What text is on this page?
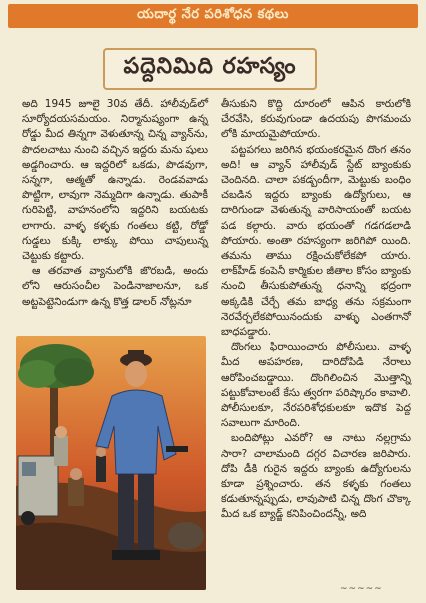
యదార్థ నేర పరిశోధన కథలు
పద్దెనిమిది రహస్యం

అది 1945 జూలై 30వ తేదీ. హాలీవుడ్‌లో సూర్యోదయసమయం. నిర్మానుష్యంగా ఉన్న రోడ్డు మీద తిన్నగా వెళుతూన్న చిన్న వ్యాన్‌ను, పొదలచాటు నుంచి వచ్చిన ఇద్దరు మను షులు అడ్డగించారు. ఆ ఇద్దరిలో ఒకడు, పొడవుగా, సన్నగా, ఆత్మతో ఉన్నాడు. రెండవవాడు పొట్టిగా, లావుగా నెమ్మదిగా ఉన్నాడు. తుపాకీ గురిపెట్టి, వాహనంలోని ఇద్దరిని బయటకు లాగారు. వాళ్ళ కళ్ళకు గంతలు కట్టి, రోడ్డో గుడ్డలు కుక్కి లాక్కు పోయి చాపులున్న చెట్టుకు కట్టారు.

ఆ తరవాత వ్యానులోకి జొరబడి, అందు లోని ఆరుసంచీల పెండినాజాలనూ, ఒక అట్టపెట్టెనిండుగా ఉన్న కొత్త డాలర్ నోట్లనూ

తీసుకుని కొద్ది దూరంలో ఆపిన కారులోకి చేరవేసి, కరువుగుండా ఉదయపు పొగమంచు లోకి మాయమైపోయారు.

పట్టపగలు జరిగిన భయంకరమైన దొంగ తనం అది! ఆ వ్యాన్ హాలీవుడ్ స్టేట్ బ్యాంకుకు చెందినది. చాలా పకడ్బందీగా, మెట్టుకు బంధిం చబడిన ఇద్దరు బ్యాంకు ఉద్యోగులు, ఆ దారిగుండా వెళుతున్న వారిసాయంతో బయట పడ కల్గారు. వారు భయంతో గడగడలాడి పోయారు. అంతా రహస్యంగా జరిగిపో యింది. తమను తాము రక్షించుకోలేకపో యారు. లాక్‌హీడ్ కంపెనీ కార్మికుల జీతాల కోసం బ్యాంకు నుంచి తీసుకుపోతున్న ధనాన్ని భద్రంగా అక్కడికి చేర్చే తమ బాధ్య తను సక్రమంగా నెరవేర్చలేకపోయినందుకు వాళ్ళు ఎంతగానో బాధపడ్డారు.

దొంగలు ఫిరాయించారు పోలీసులు. వాళ్ళ మీద అపహరణ, దారిదోపిడి నేరాలు ఆరోపించబడ్డాయి. దొంగిలించిన మొత్తాన్ని పట్టుకోవాలంటే కేసు త్వరగా పరిష్కారం కావాలి. పోలీసులకూ, నేరపరిశోధకులకూ ఇదొక పెద్ద సవాలుగా మారింది.

బందిపోట్లు ఎవరో? ఆ నాటు నల్లగ్రామ సారా? చాలామంది దగ్గర విచారణ జరిపారు. దోపి డీకి గురైన ఇద్దరు బ్యాంకు ఉద్యోగులను కూడా ప్రశ్నించారు. తన కళ్ళకు గంతలు కడుతూన్నప్పుడు, లావుపాటి చిన్న దొంగ చొక్కా మీద ఒక బ్యాడ్జ్ కనిపించిందన్నీ, అది

~~~~~
